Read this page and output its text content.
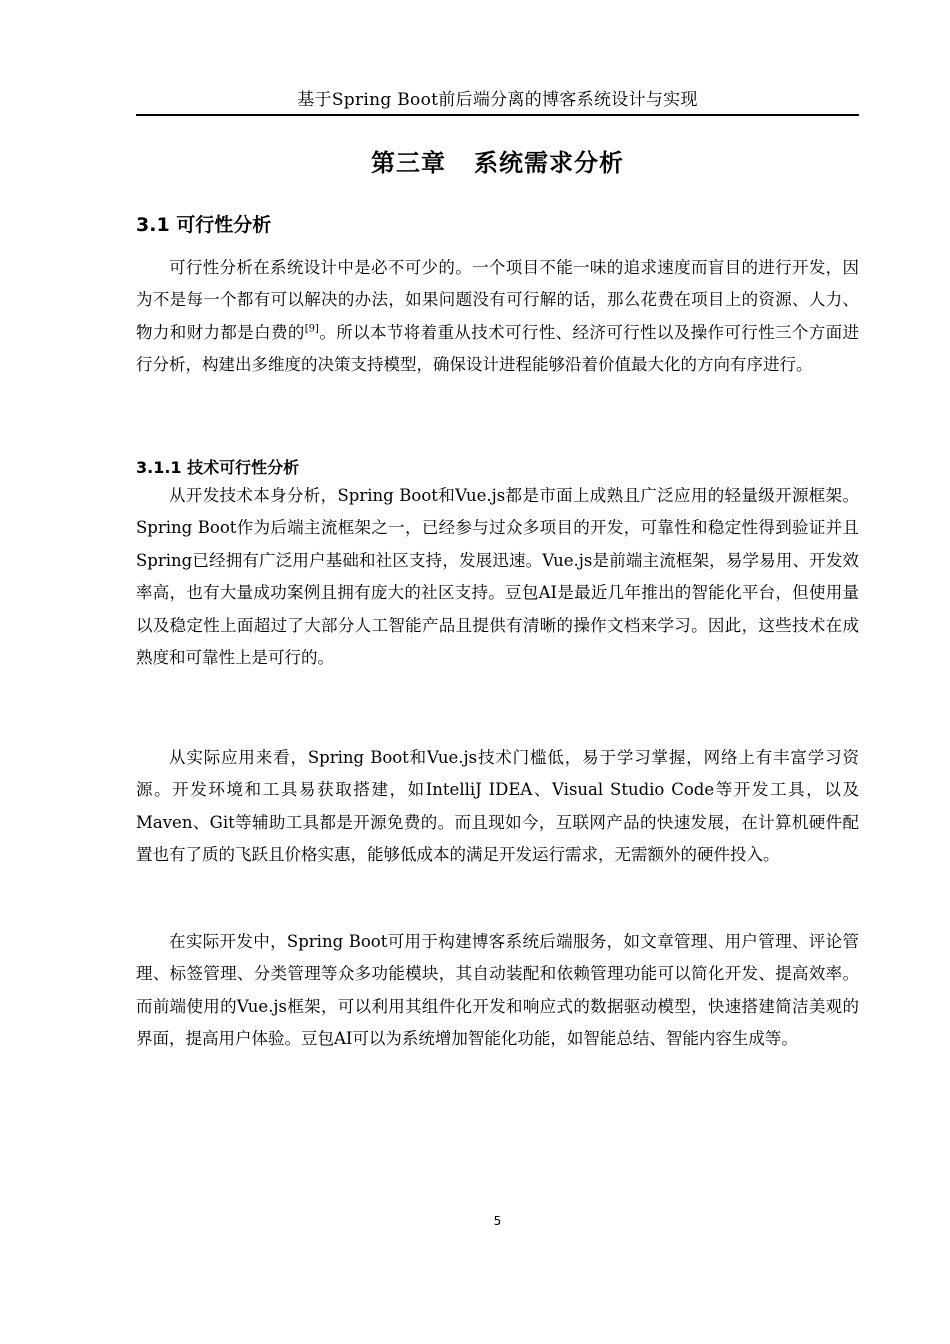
基于Spring Boot前后端分离的博客系统设计与实现
第三章   系统需求分析
3.1 可行性分析

可行性分析在系统设计中是必不可少的。一个项目不能一味的追求速度而盲目的进行开发，因为不是每一个都有可以解决的办法，如果问题没有可行解的话，那么花费在项目上的资源、人力、物力和财力都是白费的[9]。所以本节将着重从技术可行性、经济可行性以及操作可行性三个方面进行分析，构建出多维度的决策支持模型，确保设计进程能够沿着价值最大化的方向有序进行。

3.1.1 技术可行性分析

从开发技术本身分析，Spring Boot和Vue.js都是市面上成熟且广泛应用的轻量级开源框架。Spring Boot作为后端主流框架之一，已经参与过众多项目的开发，可靠性和稳定性得到验证并且Spring已经拥有广泛用户基础和社区支持，发展迅速。Vue.js是前端主流框架，易学易用、开发效率高，也有大量成功案例且拥有庞大的社区支持。豆包AI是最近几年推出的智能化平台，但使用量以及稳定性上面超过了大部分人工智能产品且提供有清晰的操作文档来学习。因此，这些技术在成熟度和可靠性上是可行的。

从实际应用来看，Spring Boot和Vue.js技术门槛低，易于学习掌握，网络上有丰富学习资源。开发环境和工具易获取搭建，如IntelliJ IDEA、Visual Studio Code等开发工具，以及Maven、Git等辅助工具都是开源免费的。而且现如今，互联网产品的快速发展，在计算机硬件配置也有了质的飞跃且价格实惠，能够低成本的满足开发运行需求，无需额外的硬件投入。

在实际开发中，Spring Boot可用于构建博客系统后端服务，如文章管理、用户管理、评论管理、标签管理、分类管理等众多功能模块，其自动装配和依赖管理功能可以简化开发、提高效率。而前端使用的Vue.js框架，可以利用其组件化开发和响应式的数据驱动模型，快速搭建简洁美观的界面，提高用户体验。豆包AI可以为系统增加智能化功能，如智能总结、智能内容生成等。

5
